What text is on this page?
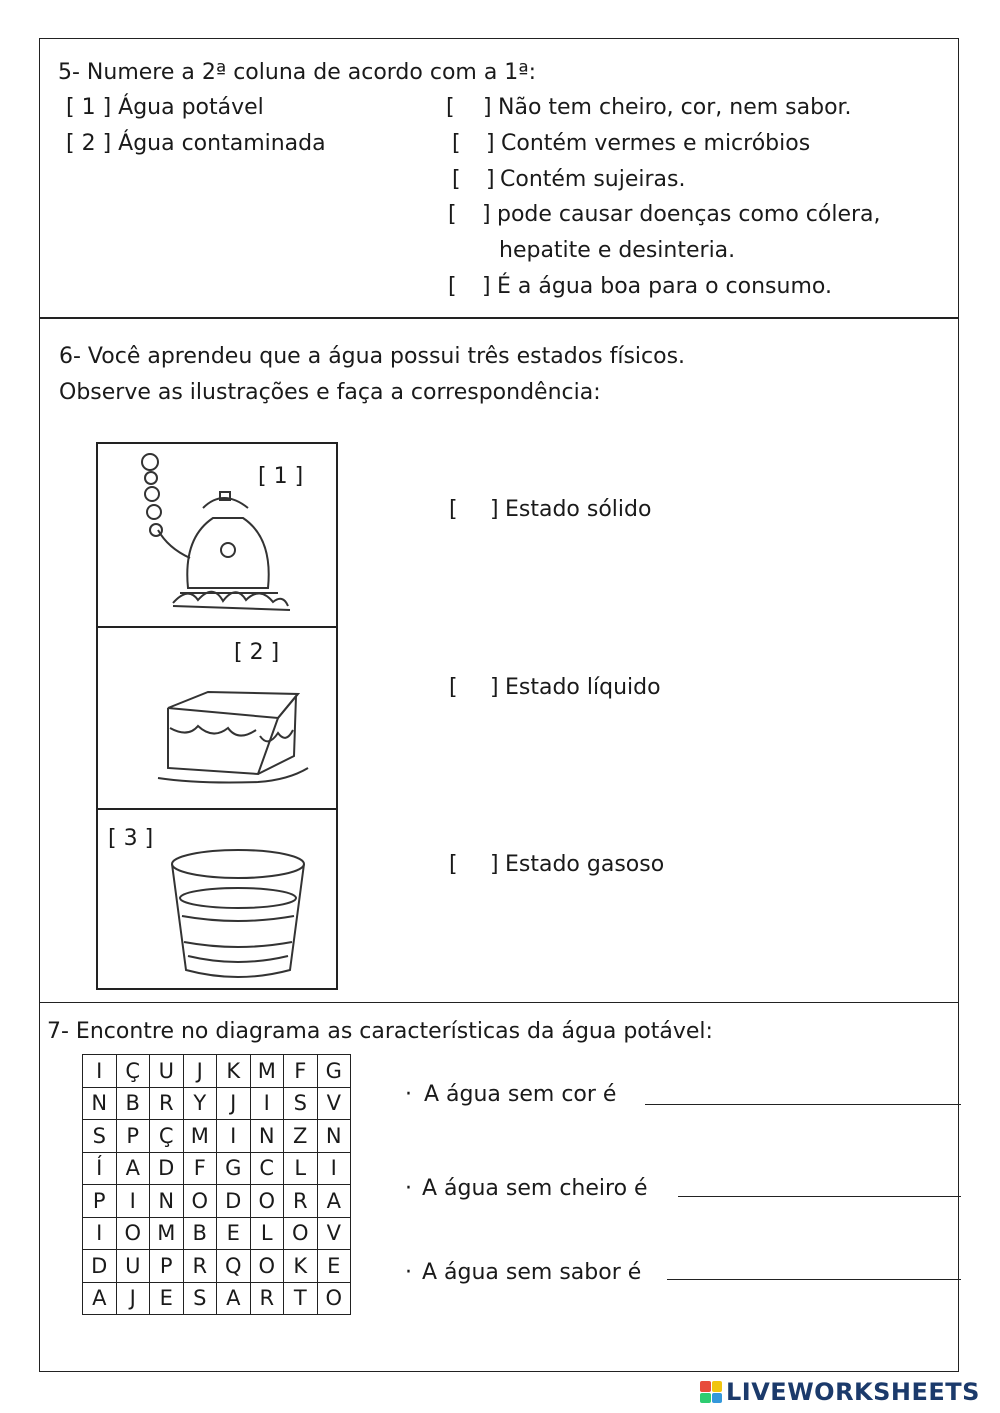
5- Numere a 2ª coluna de acordo com a 1ª:
[ 1 ] Água potável
[ 2 ] Água contaminada
[ ] Não tem cheiro, cor, nem sabor.
[ ] Contém vermes e micróbios
[ ] Contém sujeiras.
[ ] pode causar doenças como cólera,
hepatite e desinteria.
[ ] É a água boa para o consumo.
6- Você aprendeu que a água possui três estados físicos.
Observe as ilustrações e faça a correspondência:
[ 1 ]
[ 2 ]
[ 3 ]
[ ] Estado sólido
[ ] Estado líquido
[ ] Estado gasoso
7- Encontre no diagrama as características da água potável:
I	Ç	U	J	K	M	F	G
N	B	R	Y	J	I	S	V
S	P	Ç	M	I	N	Z	N
Í	A	D	F	G	C	L	I
P	I	N	O	D	O	R	A
I	O	M	B	E	L	O	V
D	U	P	R	Q	O	K	E
A	J	E	S	A	R	T	O
· A água sem cor é
· A água sem cheiro é
· A água sem sabor é
LIVEWORKSHEETS
